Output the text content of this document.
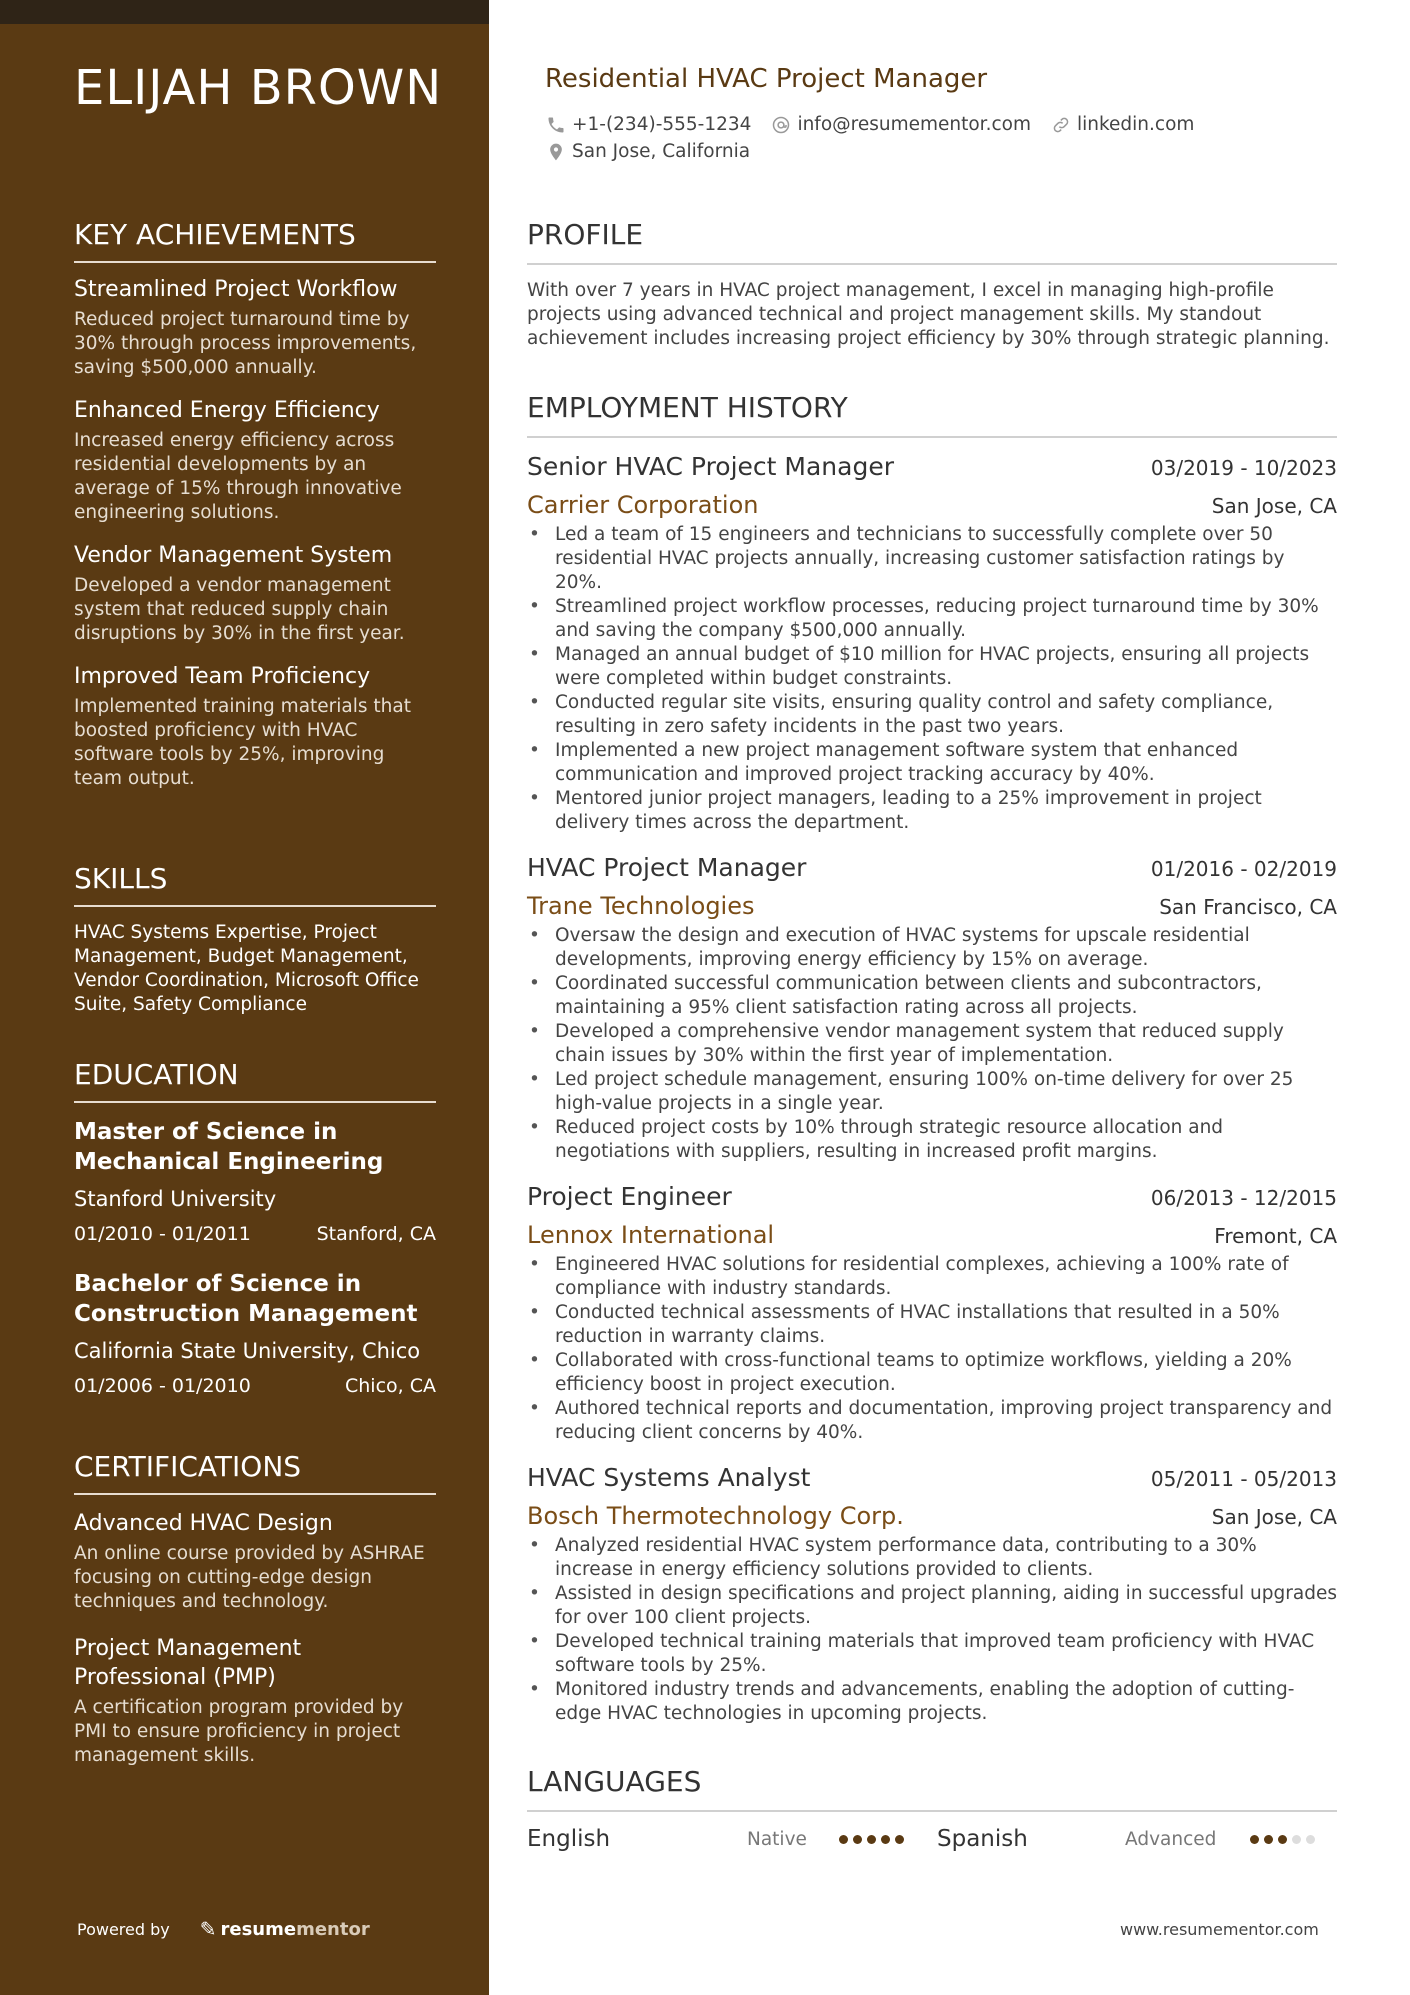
ELIJAH BROWN
KEY ACHIEVEMENTS
Streamlined Project Workflow
Reduced project turnaround time by 30% through process improvements, saving $500,000 annually.
Enhanced Energy Efficiency
Increased energy efficiency across residential developments by an average of 15% through innovative engineering solutions.
Vendor Management System
Developed a vendor management system that reduced supply chain disruptions by 30% in the first year.
Improved Team Proficiency
Implemented training materials that boosted proficiency with HVAC software tools by 25%, improving team output.
SKILLS
HVAC Systems Expertise, Project Management, Budget Management, Vendor Coordination, Microsoft Office Suite, Safety Compliance
EDUCATION
Master of Science in Mechanical Engineering
Stanford University
01/2010 - 01/2011	Stanford, CA
Bachelor of Science in Construction Management
California State University, Chico
01/2006 - 01/2010	Chico, CA
CERTIFICATIONS
Advanced HVAC Design
An online course provided by ASHRAE focusing on cutting-edge design techniques and technology.
Project Management Professional (PMP)
A certification program provided by PMI to ensure proficiency in project management skills.
Powered by ✎ resume mentor
Residential HVAC Project Manager
+1-(234)-555-1234 info@resumementor.com linkedin.com
San Jose, California
PROFILE
With over 7 years in HVAC project management, I excel in managing high-profile projects using advanced technical and project management skills. My standout achievement includes increasing project efficiency by 30% through strategic planning.
EMPLOYMENT HISTORY
Senior HVAC Project Manager	03/2019 - 10/2023
Carrier Corporation	San Jose, CA
• Led a team of 15 engineers and technicians to successfully complete over 50 residential HVAC projects annually, increasing customer satisfaction ratings by 20%.
• Streamlined project workflow processes, reducing project turnaround time by 30% and saving the company $500,000 annually.
• Managed an annual budget of $10 million for HVAC projects, ensuring all projects were completed within budget constraints.
• Conducted regular site visits, ensuring quality control and safety compliance, resulting in zero safety incidents in the past two years.
• Implemented a new project management software system that enhanced communication and improved project tracking accuracy by 40%.
• Mentored junior project managers, leading to a 25% improvement in project delivery times across the department.
HVAC Project Manager	01/2016 - 02/2019
Trane Technologies	San Francisco, CA
• Oversaw the design and execution of HVAC systems for upscale residential developments, improving energy efficiency by 15% on average.
• Coordinated successful communication between clients and subcontractors, maintaining a 95% client satisfaction rating across all projects.
• Developed a comprehensive vendor management system that reduced supply chain issues by 30% within the first year of implementation.
• Led project schedule management, ensuring 100% on-time delivery for over 25 high-value projects in a single year.
• Reduced project costs by 10% through strategic resource allocation and negotiations with suppliers, resulting in increased profit margins.
Project Engineer	06/2013 - 12/2015
Lennox International	Fremont, CA
• Engineered HVAC solutions for residential complexes, achieving a 100% rate of compliance with industry standards.
• Conducted technical assessments of HVAC installations that resulted in a 50% reduction in warranty claims.
• Collaborated with cross-functional teams to optimize workflows, yielding a 20% efficiency boost in project execution.
• Authored technical reports and documentation, improving project transparency and reducing client concerns by 40%.
HVAC Systems Analyst	05/2011 - 05/2013
Bosch Thermotechnology Corp.	San Jose, CA
• Analyzed residential HVAC system performance data, contributing to a 30% increase in energy efficiency solutions provided to clients.
• Assisted in design specifications and project planning, aiding in successful upgrades for over 100 client projects.
• Developed technical training materials that improved team proficiency with HVAC software tools by 25%.
• Monitored industry trends and advancements, enabling the adoption of cutting-edge HVAC technologies in upcoming projects.
LANGUAGES
English	Native	Spanish	Advanced
www.resumementor.com
